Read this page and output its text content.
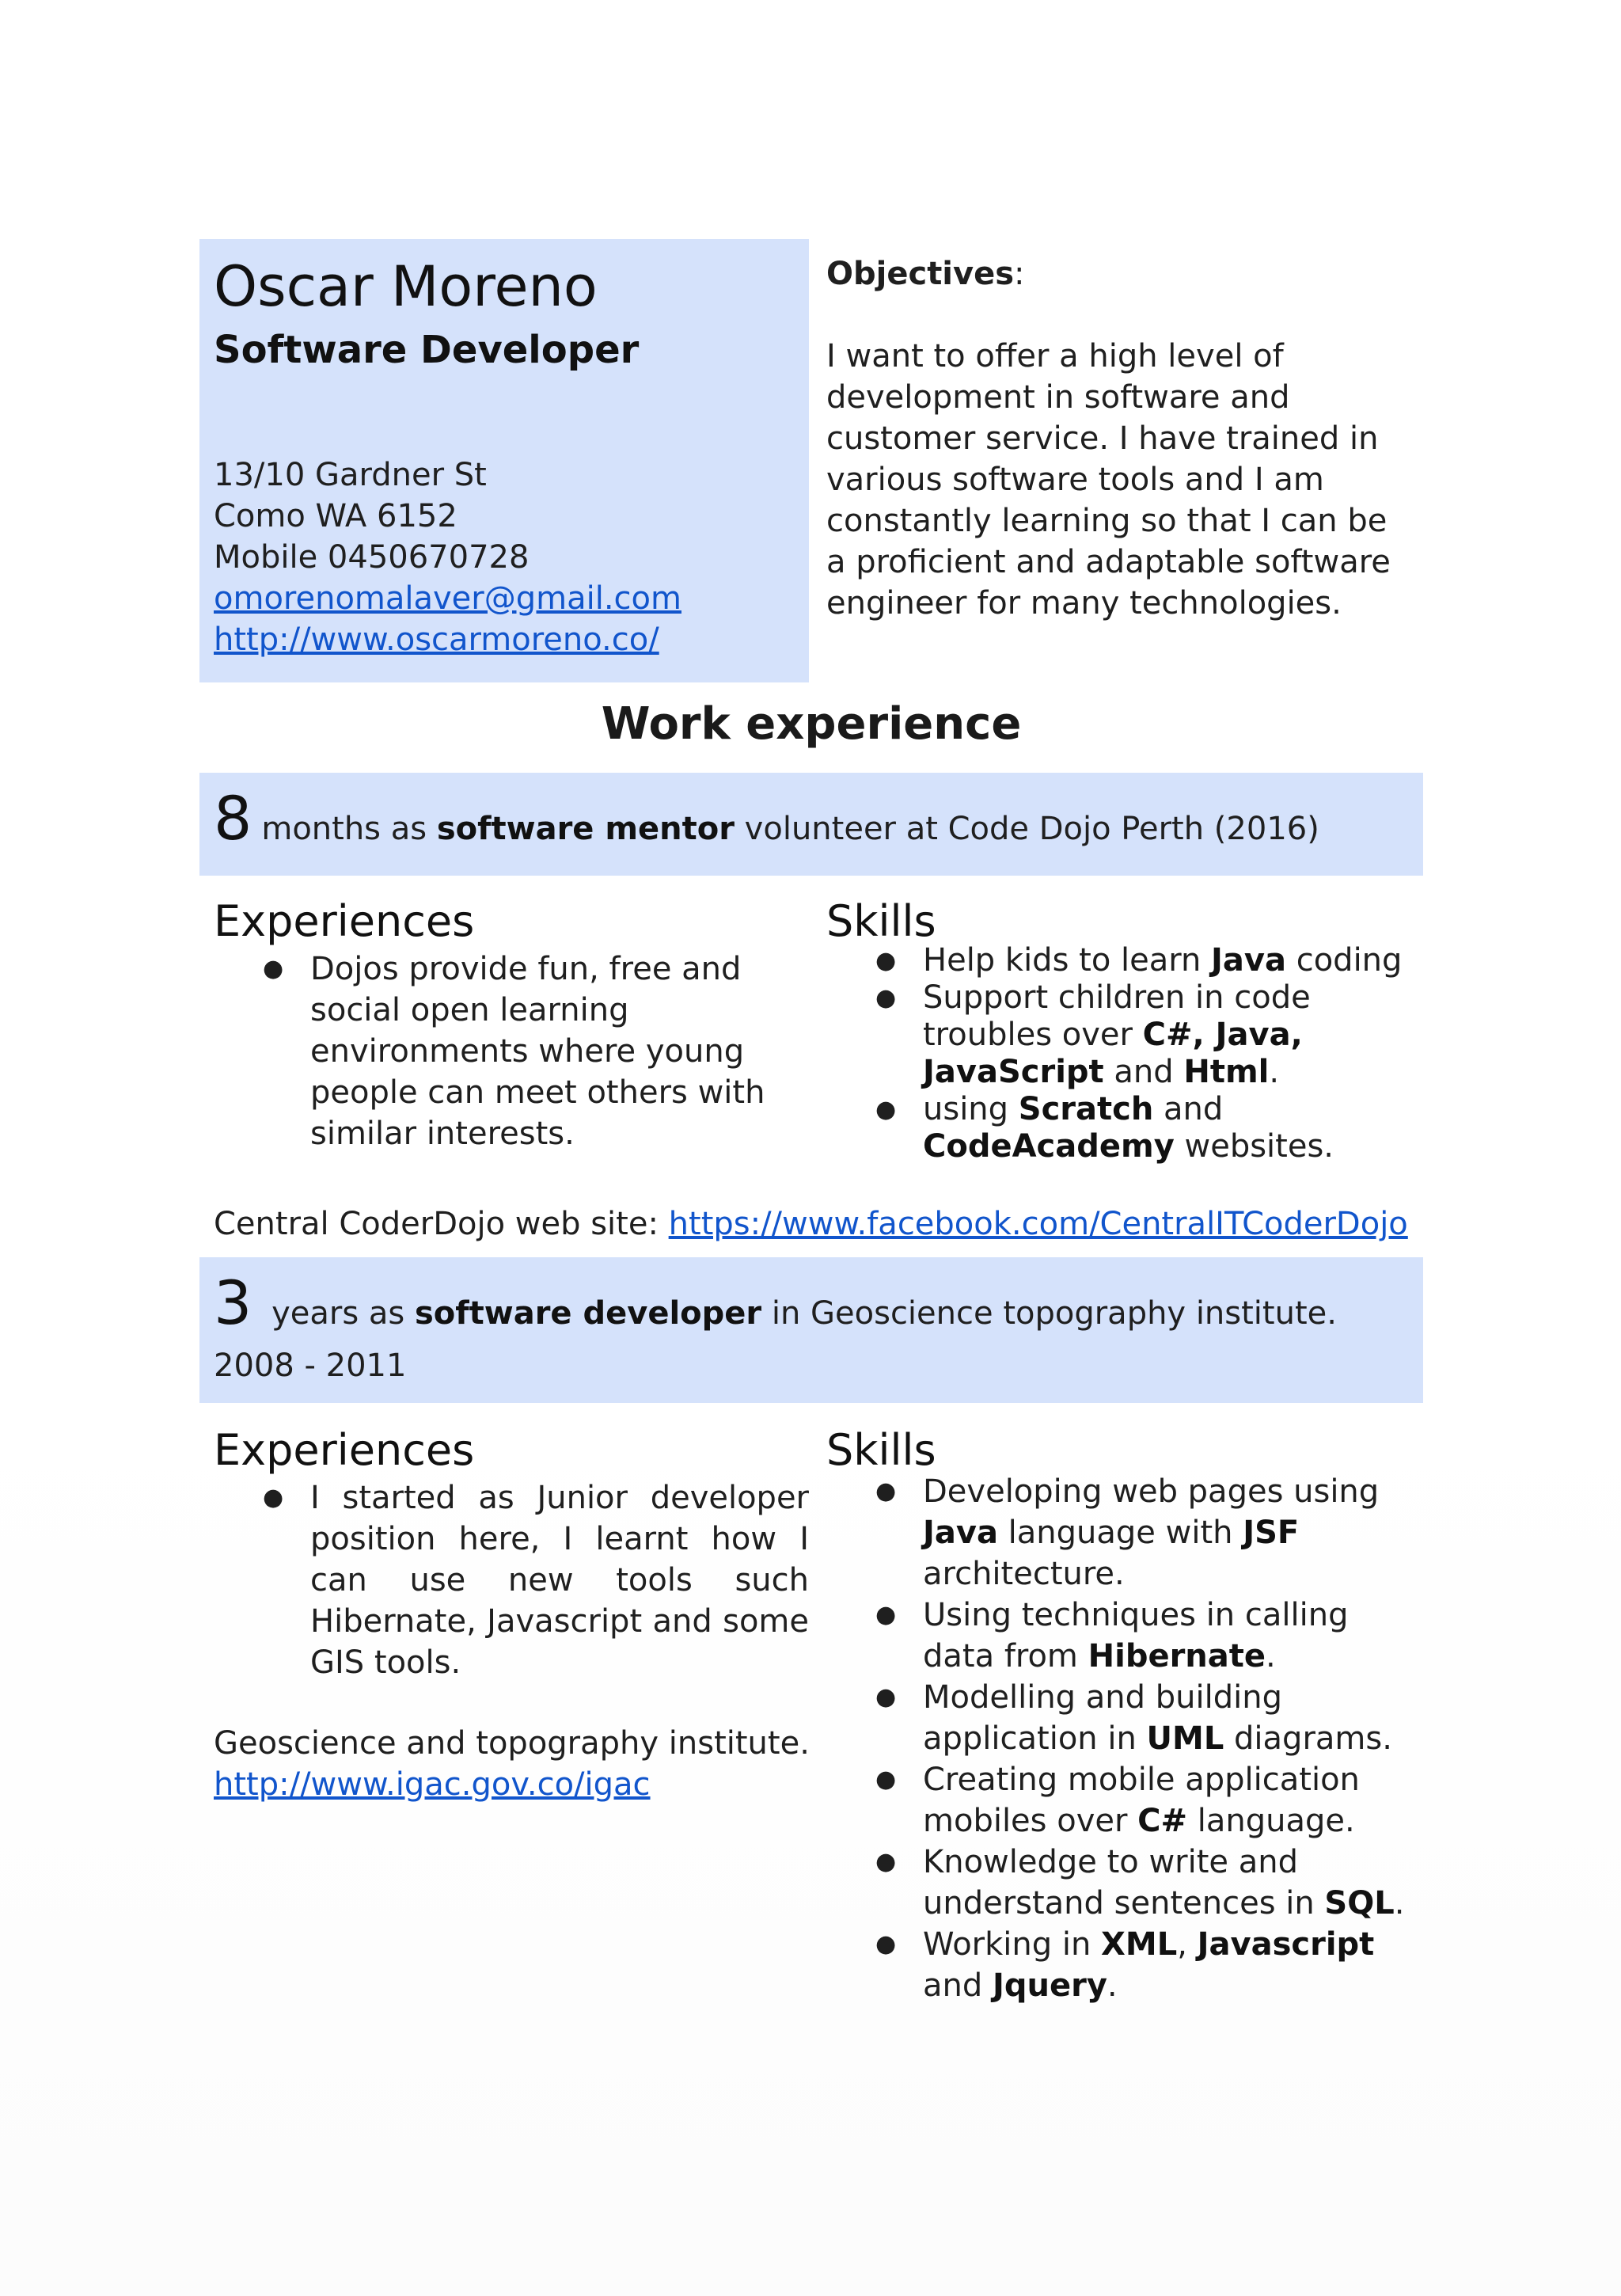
Oscar Moreno
Software Developer
13/10 Gardner St
Como WA 6152
Mobile 0450670728
omorenomalaver@gmail.com
http://www.oscarmoreno.co/

Objectives:

I want to offer a high level of development in software and customer service. I have trained in various software tools and I am constantly learning so that I can be a proficient and adaptable software engineer for many technologies.

Work experience
8 months as software mentor volunteer at Code Dojo Perth (2016)
Experiences
● Dojos provide fun, free and social open learning environments where young people can meet others with similar interests.
Skills
● Help kids to learn Java coding
● Support children in code troubles over C#, Java, JavaScript and Html.
● using Scratch and
CodeAcademy websites.
Central CoderDojo web site: https://www.facebook.com/CentralITCoderDojo
3 years as software developer in Geoscience topography institute.
2008 - 2011
Experiences
● I started as Junior developer position here, I learnt how I can use new tools such Hibernate, Javascript and some GIS tools.
Geoscience and topography institute.
http://www.igac.gov.co/igac
Skills
● Developing web pages using Java language with JSF architecture.
● Using techniques in calling data from Hibernate.
● Modelling and building application in UML diagrams.
● Creating mobile application mobiles over C# language.
● Knowledge to write and understand sentences in SQL.
● Working in XML, Javascript and Jquery.
